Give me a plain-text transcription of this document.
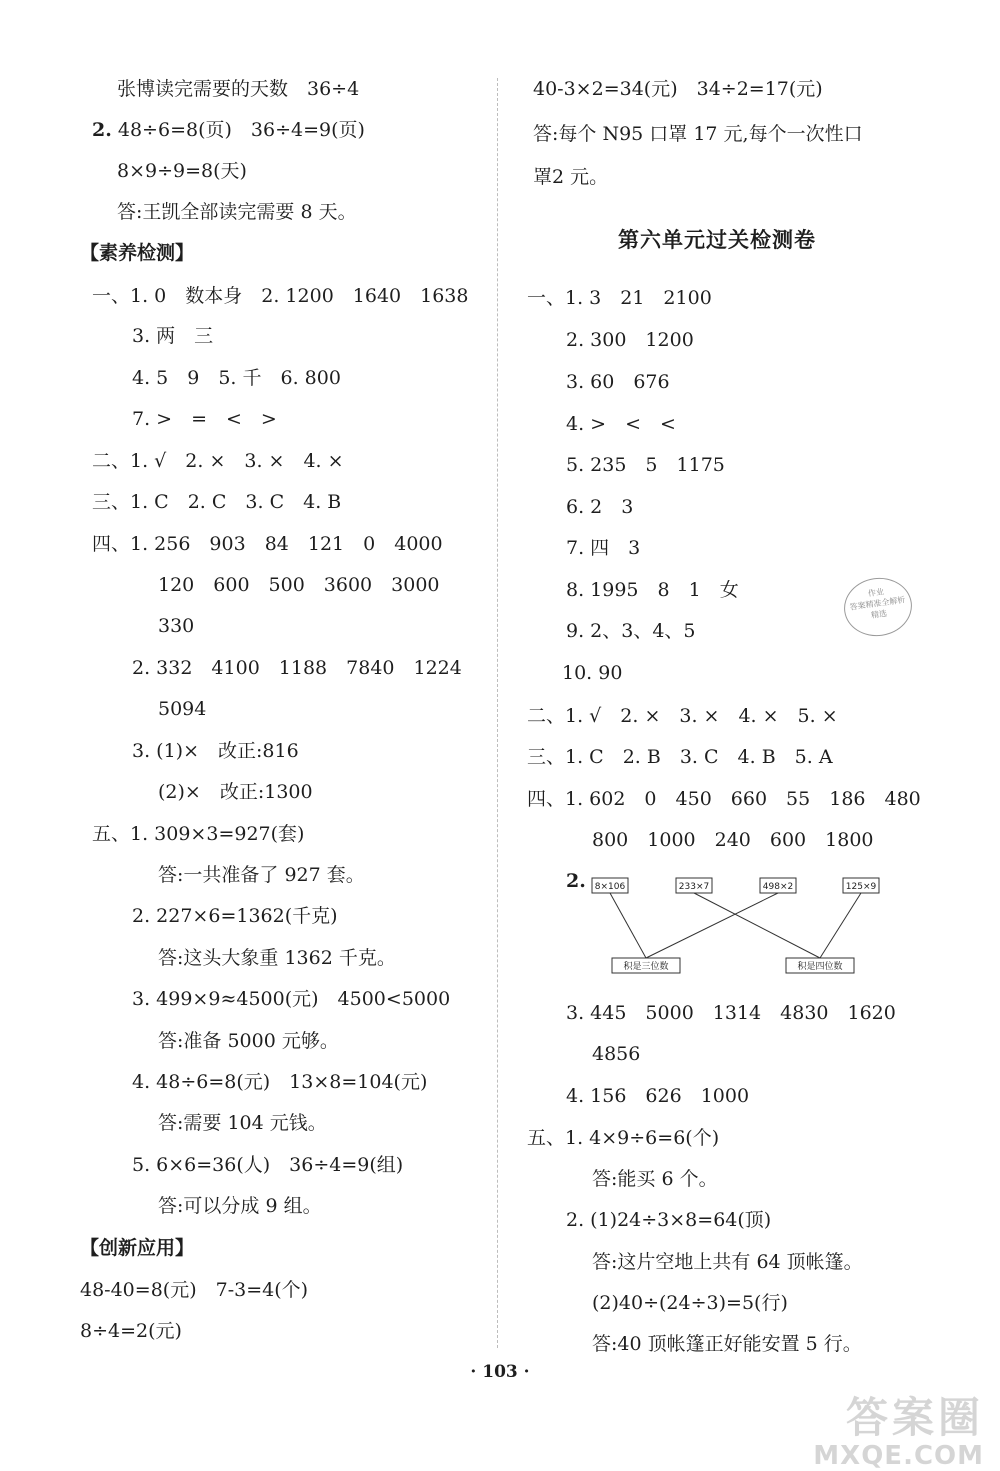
张博读完需要的天数　36÷4
2. 48÷6=8(页)　36÷4=9(页)
8×9÷9=8(天)
答:王凯全部读完需要 8 天。
【素养检测】
一、1. 0　数本身　2. 1200　1640　1638
3. 两　三
4. 5　9　5. 千　6. 800
7. >　=　<　>
二、1. √　2. ×　3. ×　4. ×
三、1. C　2. C　3. C　4. B
四、1. 256　903　84　121　0　4000
120　600　500　3600　3000
330
2. 332　4100　1188　7840　1224
5094
3. (1)×　改正:816
(2)×　改正:1300
五、1. 309×3=927(套)
答:一共准备了 927 套。
2. 227×6=1362(千克)
答:这头大象重 1362 千克。
3. 499×9≈4500(元)　4500<5000
答:准备 5000 元够。
4. 48÷6=8(元)　13×8=104(元)
答:需要 104 元钱。
5. 6×6=36(人)　36÷4=9(组)
答:可以分成 9 组。
【创新应用】
48-40=8(元)　7-3=4(个)
8÷4=2(元)
40-3×2=34(元)　34÷2=17(元)
答:每个 N95 口罩 17 元,每个一次性口
罩2 元。
第六单元过关检测卷
一、1. 3　21　2100
2. 300　1200
3. 60　676
4. >　<　<
5. 235　5　1175
6. 2　3
7. 四　3
8. 1995　8　1　女
9. 2、3、4、5
10. 90
二、1. √　2. ×　3. ×　4. ×　5. ×
三、1. C　2. B　3. C　4. B　5. A
四、1. 602　0　450　660　55　186　480
800　1000　240　600　1800
2. 8×106	233×7	498×2	125×9
积是三位数	积是四位数
3. 445　5000　1314　4830　1620
4856
4. 156　626　1000
五、1. 4×9÷6=6(个)
答:能买 6 个。
2. (1)24÷3×8=64(顶)
答:这片空地上共有 64 顶帐篷。
(2)40÷(24÷3)=5(行)
答:40 顶帐篷正好能安置 5 行。
作业
答案精准全解析
精选
· 103 ·
答案圈
MXQE.COM
